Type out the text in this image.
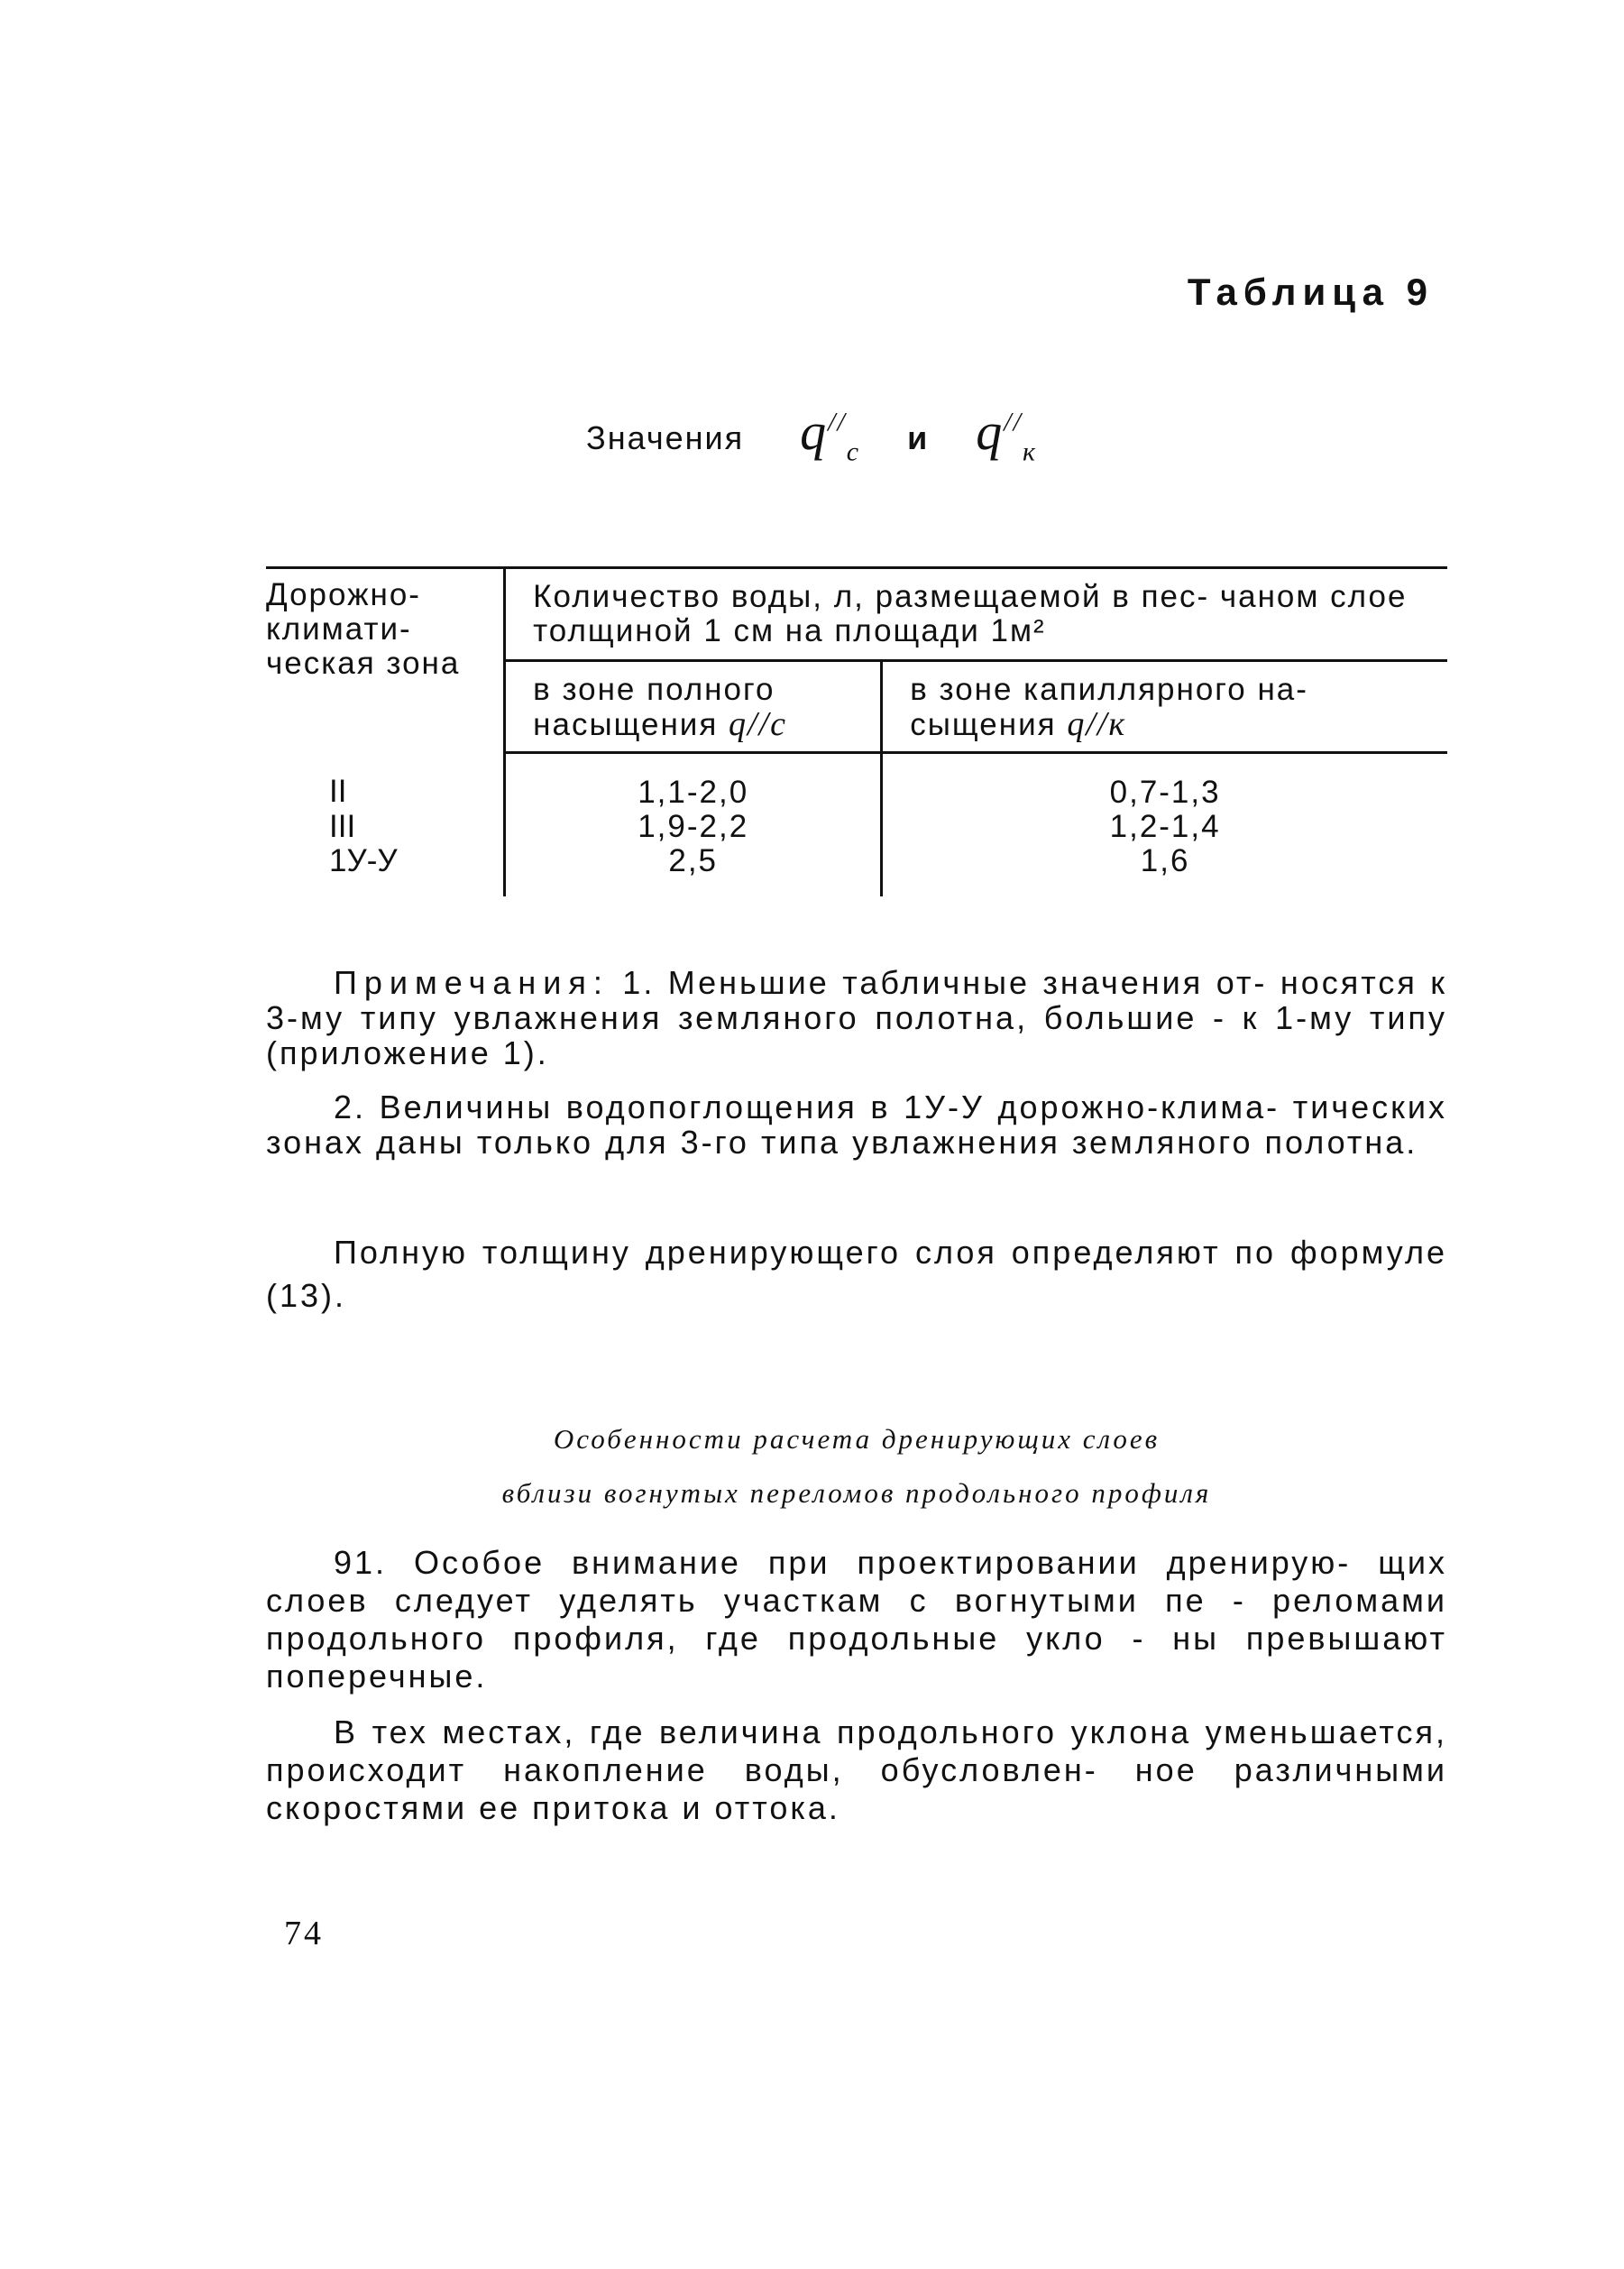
Таблица 9
Значения $q^{//}_c$ и $q^{//}_к$
Дорожно- климати- ческая зона	Количество воды, л, размещаемой в пес- чаном слое толщиной 1 см на площади 1м²	
	в зоне полного насыщения q//c	в зоне капиллярного на- сыщения q//к
II	1,1-2,0	0,7-1,3
III	1,9-2,2	1,2-1,4
1У-У	2,5	1,6
Примечания: 1. Меньшие табличные значения от- носятся к 3-му типу увлажнения земляного полотна, большие - к 1-му типу (приложение 1).
2. Величины водопоглощения в 1У-У дорожно-клима- тических зонах даны только для 3-го типа увлажнения земляного полотна.
Полную толщину дренирующего слоя определяют по формуле (13).
Особенности расчета дренирующих слоев
вблизи вогнутых переломов продольного профиля
91. Особое внимание при проектировании дренирую- щих слоев следует уделять участкам с вогнутыми пе - реломами продольного профиля, где продольные укло - ны превышают поперечные.
В тех местах, где величина продольного уклона уменьшается, происходит накопление воды, обусловлен- ное различными скоростями ее притока и оттока.
74
